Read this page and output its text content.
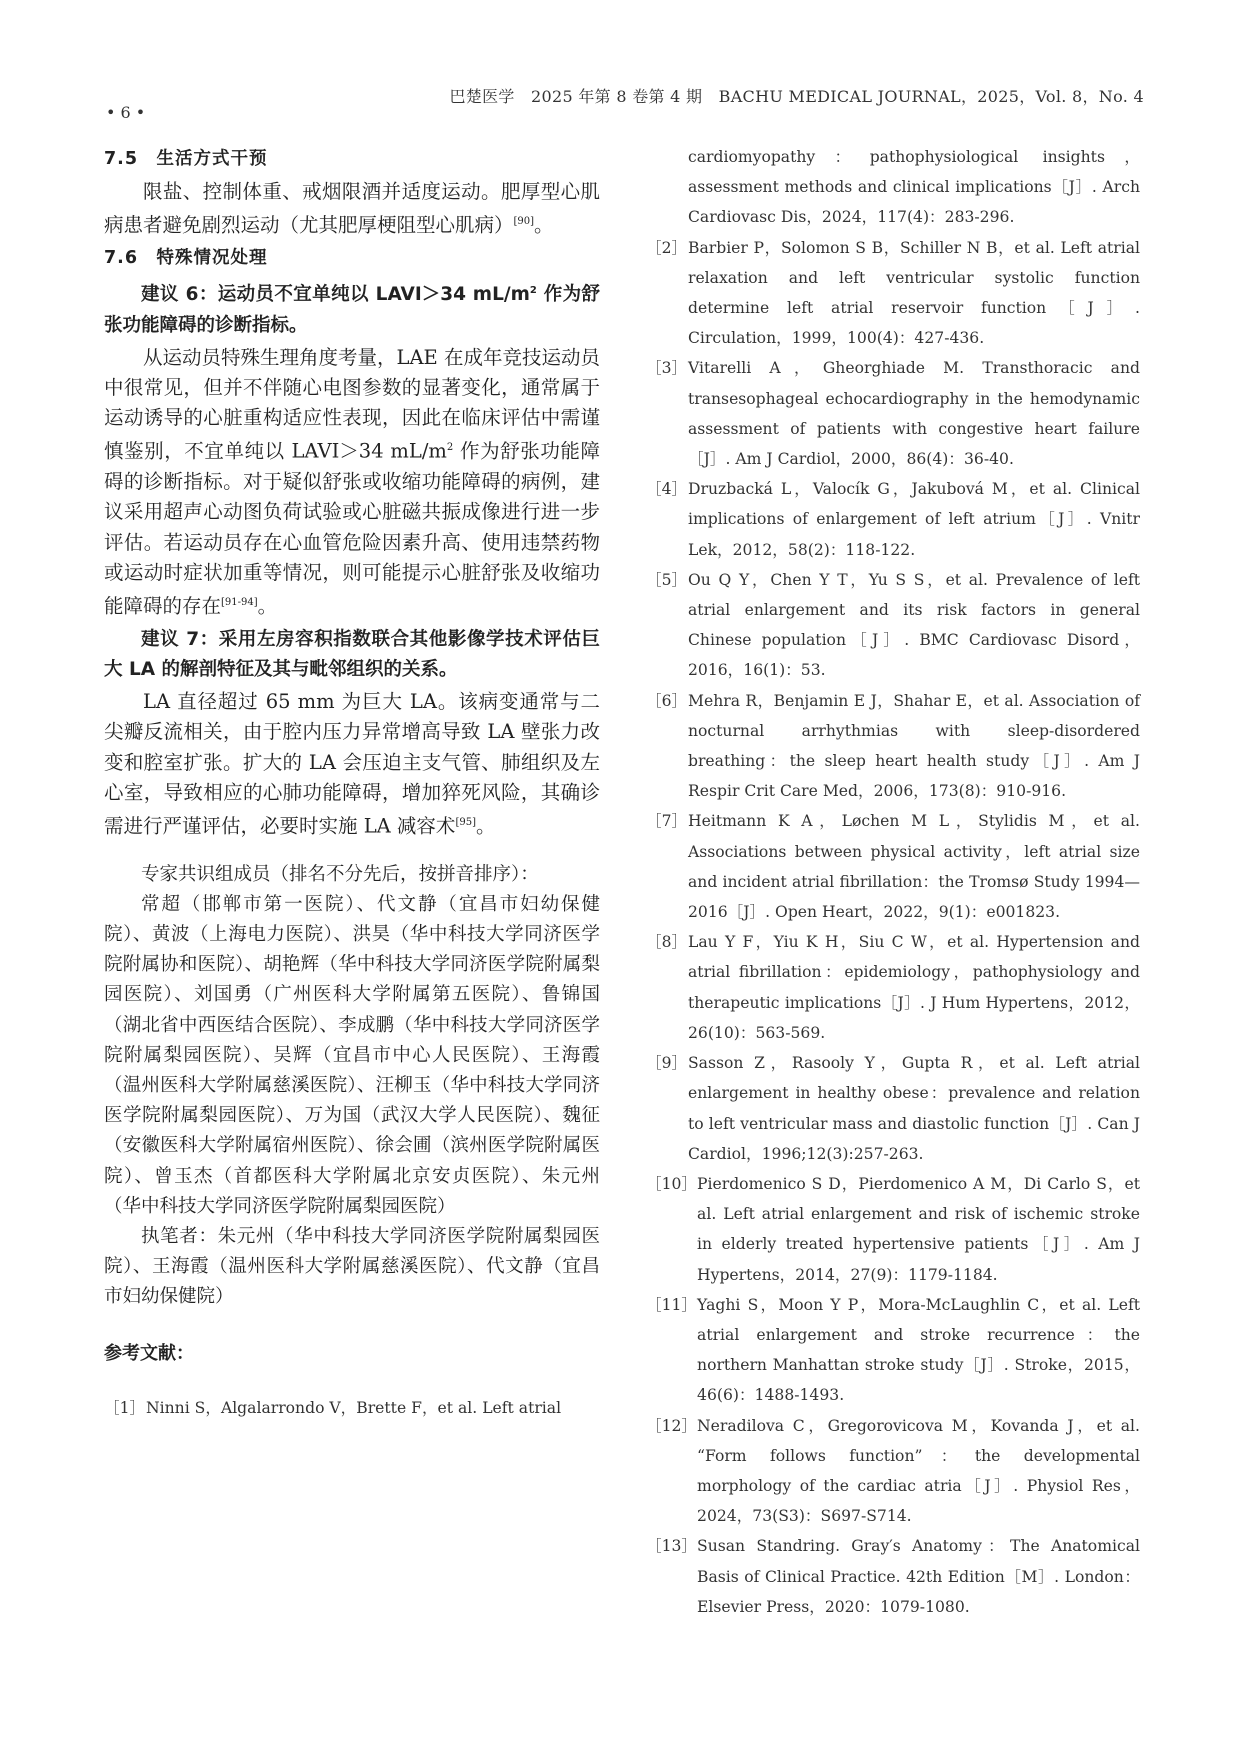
巴楚医学　2025 年第 8 卷第 4 期　BACHU MEDICAL JOURNAL，2025，Vol. 8，No. 4
• 6 •
7.5　生活方式干预

限盐、控制体重、戒烟限酒并适度运动。肥厚型心肌病患者避免剧烈运动（尤其肥厚梗阻型心肌病）[90]。

7.6　特殊情况处理

建议 6：运动员不宜单纯以 LAVI＞34 $mL/m^2$ 作为舒张功能障碍的诊断指标。

从运动员特殊生理角度考量，LAE 在成年竞技运动员中很常见，但并不伴随心电图参数的显著变化，通常属于运动诱导的心脏重构适应性表现，因此在临床评估中需谨慎鉴别，不宜单纯以 LAVI＞34 $mL/m^2$ 作为舒张功能障碍的诊断指标。对于疑似舒张或收缩功能障碍的病例，建议采用超声心动图负荷试验或心脏磁共振成像进行进一步评估。若运动员存在心血管危险因素升高、使用违禁药物或运动时症状加重等情况，则可能提示心脏舒张及收缩功能障碍的存在[91-94]。

建议 7：采用左房容积指数联合其他影像学技术评估巨大 LA 的解剖特征及其与毗邻组织的关系。

LA 直径超过 65 mm 为巨大 LA。该病变通常与二尖瓣反流相关，由于腔内压力异常增高导致 LA 壁张力改变和腔室扩张。扩大的 LA 会压迫主支气管、肺组织及左心室，导致相应的心肺功能障碍，增加猝死风险，其确诊需进行严谨评估，必要时实施 LA 减容术[95]。

专家共识组成员（排名不分先后，按拼音排序）：

常超（邯郸市第一医院）、代文静（宜昌市妇幼保健院）、黄波（上海电力医院）、洪昊（华中科技大学同济医学院附属协和医院）、胡艳辉（华中科技大学同济医学院附属梨园医院）、刘国勇（广州医科大学附属第五医院）、鲁锦国（湖北省中西医结合医院）、李成鹏（华中科技大学同济医学院附属梨园医院）、吴辉（宜昌市中心人民医院）、王海霞（温州医科大学附属慈溪医院）、汪柳玉（华中科技大学同济医学院附属梨园医院）、万为国（武汉大学人民医院）、魏征（安徽医科大学附属宿州医院）、徐会圃（滨州医学院附属医院）、曾玉杰（首都医科大学附属北京安贞医院）、朱元州（华中科技大学同济医学院附属梨园医院）

执笔者：朱元州（华中科技大学同济医学院附属梨园医院）、王海霞（温州医科大学附属慈溪医院）、代文静（宜昌市妇幼保健院）

参考文献：
［1］ Ninni S，Algalarrondo V，Brette F，et al. Left atrial
cardiomyopathy：pathophysiological insights，assessment methods and clinical implications［J］. Arch Cardiovasc Dis，2024，117(4)：283-296.
［2］ Barbier P，Solomon S B，Schiller N B，et al. Left atrial relaxation and left ventricular systolic function determine left atrial reservoir function［J］. Circulation，1999，100(4)：427-436.
［3］ Vitarelli A，Gheorghiade M. Transthoracic and transesophageal echocardiography in the hemodynamic assessment of patients with congestive heart failure［J］. Am J Cardiol，2000，86(4)：36-40.
［4］ Druzbacká L，Valocík G，Jakubová M，et al. Clinical implications of enlargement of left atrium［J］. Vnitr Lek，2012，58(2)：118-122.
［5］ Ou Q Y，Chen Y T，Yu S S，et al. Prevalence of left atrial enlargement and its risk factors in general Chinese population［J］. BMC Cardiovasc Disord，2016，16(1)：53.
［6］ Mehra R，Benjamin E J，Shahar E，et al. Association of nocturnal arrhythmias with sleep-disordered breathing：the sleep heart health study［J］. Am J Respir Crit Care Med，2006，173(8)：910-916.
［7］ Heitmann K A，Løchen M L，Stylidis M，et al. Associations between physical activity，left atrial size and incident atrial fibrillation：the Tromsø Study 1994—2016［J］. Open Heart，2022，9(1)：e001823.
［8］ Lau Y F，Yiu K H，Siu C W，et al. Hypertension and atrial fibrillation：epidemiology，pathophysiology and therapeutic implications［J］. J Hum Hypertens，2012，26(10)：563-569.
［9］ Sasson Z，Rasooly Y，Gupta R，et al. Left atrial enlargement in healthy obese：prevalence and relation to left ventricular mass and diastolic function［J］. Can J Cardiol，1996;12(3):257-263.
［10］ Pierdomenico S D，Pierdomenico A M，Di Carlo S，et al. Left atrial enlargement and risk of ischemic stroke in elderly treated hypertensive patients［J］. Am J Hypertens，2014，27(9)：1179-1184.
［11］ Yaghi S，Moon Y P，Mora-McLaughlin C，et al. Left atrial enlargement and stroke recurrence：the northern Manhattan stroke study［J］. Stroke，2015，46(6)：1488-1493.
［12］ Neradilova C，Gregorovicova M，Kovanda J，et al. “Form follows function”：the developmental morphology of the cardiac atria［J］. Physiol Res，2024，73(S3)：S697-S714.
［13］ Susan Standring. Gray′s Anatomy：The Anatomical Basis of Clinical Practice. 42th Edition［M］. London：Elsevier Press，2020：1079-1080.
